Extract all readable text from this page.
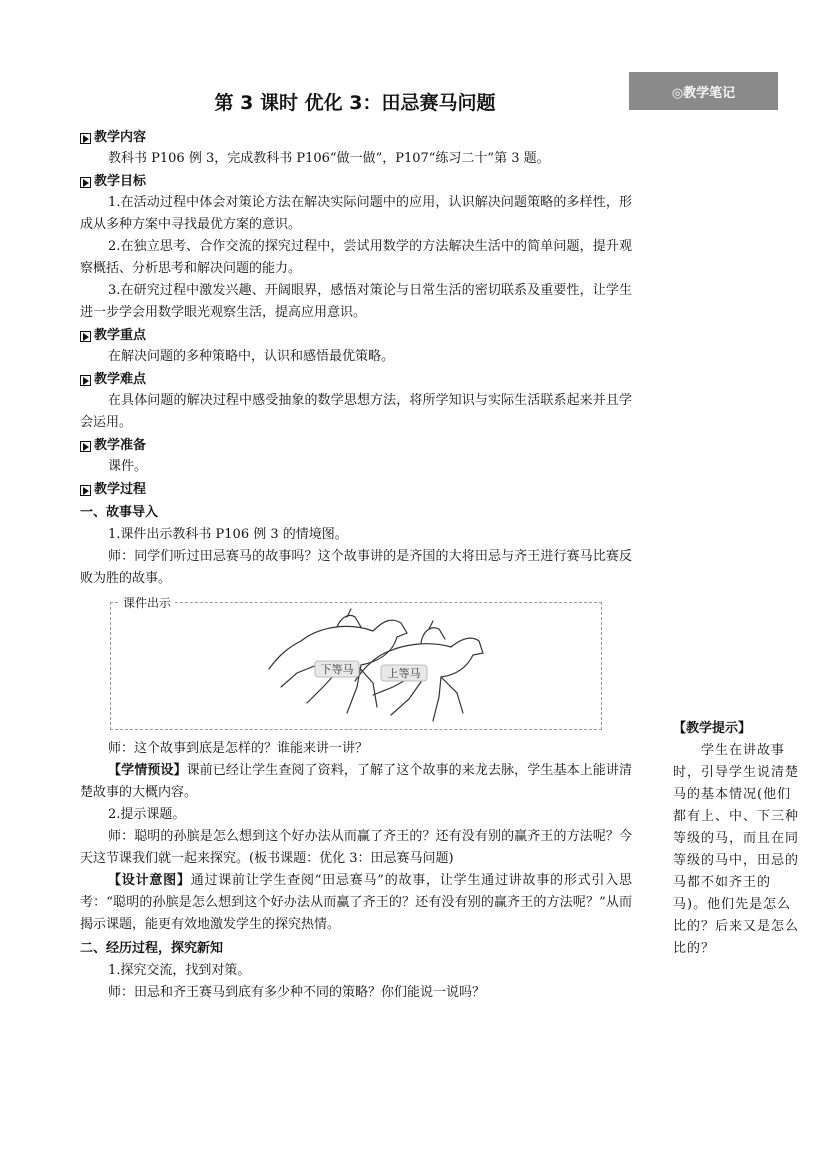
◎教学笔记
第 3 课时 优化 3：田忌赛马问题
教学内容

教科书 P106 例 3，完成教科书 P106“做一做”，P107“练习二十”第 3 题。

教学目标

1.在活动过程中体会对策论方法在解决实际问题中的应用，认识解决问题策略的多样性，形成从多种方案中寻找最优方案的意识。

2.在独立思考、合作交流的探究过程中，尝试用数学的方法解决生活中的简单问题，提升观察概括、分析思考和解决问题的能力。

3.在研究过程中激发兴趣、开阔眼界，感悟对策论与日常生活的密切联系及重要性，让学生进一步学会用数学眼光观察生活，提高应用意识。

教学重点

在解决问题的多种策略中，认识和感悟最优策略。

教学难点

在具体问题的解决过程中感受抽象的数学思想方法，将所学知识与实际生活联系起来并且学会运用。

教学准备

课件。

教学过程
一、故事导入

1.课件出示教科书 P106 例 3 的情境图。

师：同学们听过田忌赛马的故事吗？这个故事讲的是齐国的大将田忌与齐王进行赛马比赛反败为胜的故事。

课件出示
下等马	上等马

师：这个故事到底是怎样的？谁能来讲一讲？

【学情预设】课前已经让学生查阅了资料，了解了这个故事的来龙去脉，学生基本上能讲清楚故事的大概内容。

2.提示课题。

师：聪明的孙膑是怎么想到这个好办法从而赢了齐王的？还有没有别的赢齐王的方法呢？今天这节课我们就一起来探究。(板书课题：优化 3：田忌赛马问题)

【设计意图】通过课前让学生查阅“田忌赛马”的故事，让学生通过讲故事的形式引入思考：“聪明的孙膑是怎么想到这个好办法从而赢了齐王的？还有没有别的赢齐王的方法呢？”从而揭示课题，能更有效地激发学生的探究热情。

二、经历过程，探究新知

1.探究交流，找到对策。

师：田忌和齐王赛马到底有多少种不同的策略？你们能说一说吗？

【教学提示】

学生在讲故事时，引导学生说清楚马的基本情况(他们都有上、中、下三种等级的马，而且在同等级的马中，田忌的马都不如齐王的马)。他们先是怎么比的？后来又是怎么比的？
